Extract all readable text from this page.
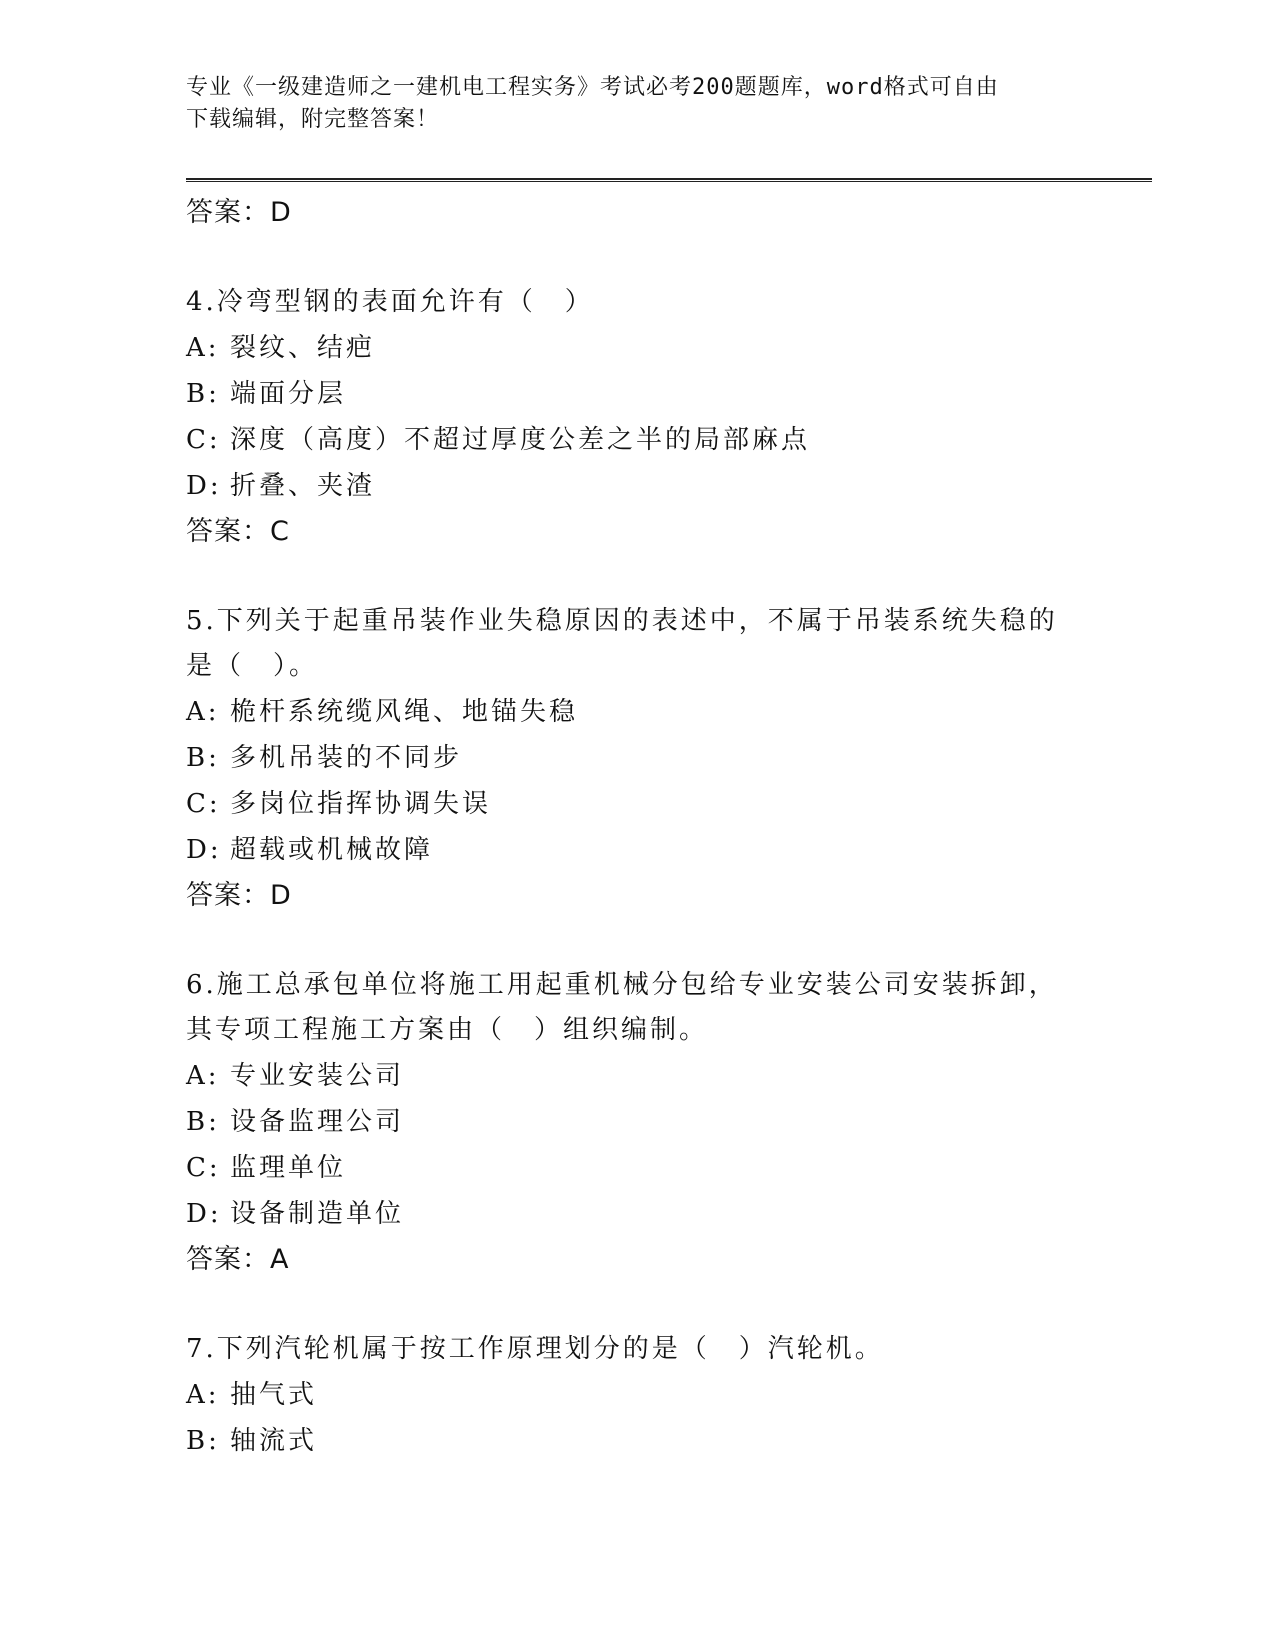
专业《一级建造师之一建机电工程实务》考试必考200题题库，word格式可自由
下载编辑，附完整答案！
答案：D
4.冷弯型钢的表面允许有（　）
A: 裂纹、结疤
B: 端面分层
C: 深度（高度）不超过厚度公差之半的局部麻点
D: 折叠、夹渣
答案：C
5.下列关于起重吊装作业失稳原因的表述中，不属于吊装系统失稳的
是（　）。
A: 桅杆系统缆风绳、地锚失稳
B: 多机吊装的不同步
C: 多岗位指挥协调失误
D: 超载或机械故障
答案：D
6.施工总承包单位将施工用起重机械分包给专业安装公司安装拆卸，
其专项工程施工方案由（　）组织编制。
A: 专业安装公司
B: 设备监理公司
C: 监理单位
D: 设备制造单位
答案：A
7.下列汽轮机属于按工作原理划分的是（　）汽轮机。
A: 抽气式
B: 轴流式
